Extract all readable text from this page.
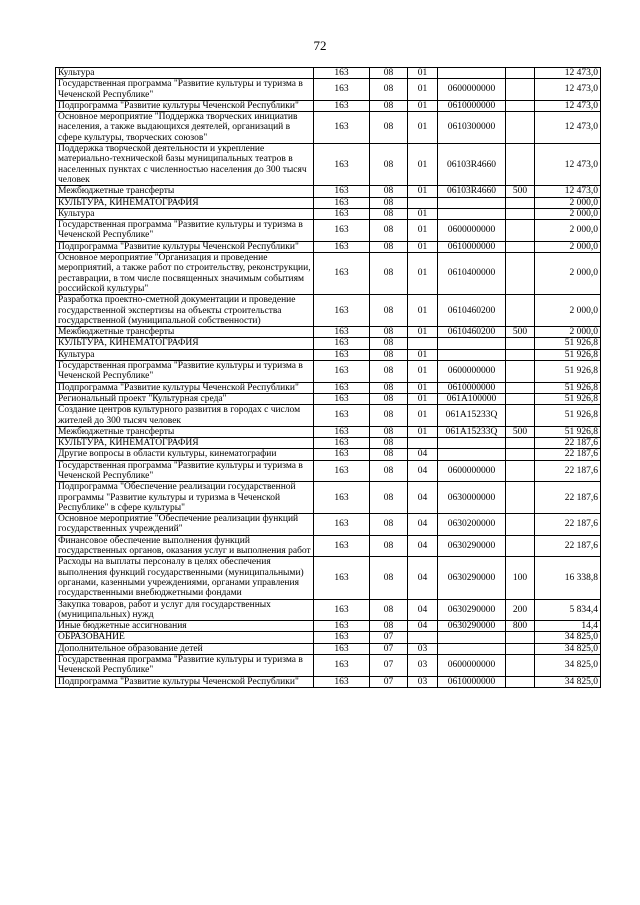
72
Культура	163	08	01			12 473,0
Государственная программа "Развитие культуры и туризма в Чеченской Республике"	163	08	01	0600000000		12 473,0
Подпрограмма "Развитие культуры Чеченской Республики"	163	08	01	0610000000		12 473,0
Основное мероприятие "Поддержка творческих инициатив населения, а также выдающихся деятелей, организаций в сфере культуры, творческих союзов"	163	08	01	0610300000		12 473,0
Поддержка творческой деятельности и укрепление материально-технической базы муниципальных театров в населенных пунктах с численностью населения до 300 тысяч человек	163	08	01	06103R4660		12 473,0
Межбюджетные трансферты	163	08	01	06103R4660	500	12 473,0
КУЛЬТУРА, КИНЕМАТОГРАФИЯ	163	08				2 000,0
Культура	163	08	01			2 000,0
Государственная программа "Развитие культуры и туризма в Чеченской Республике"	163	08	01	0600000000		2 000,0
Подпрограмма "Развитие культуры Чеченской Республики"	163	08	01	0610000000		2 000,0
Основное мероприятие "Организация и проведение мероприятий, а также работ по строительству, реконструкции, реставрации, в том числе посвященных значимым событиям российской культуры"	163	08	01	0610400000		2 000,0
Разработка проектно-сметной документации и проведение государственной экспертизы на объекты строительства государственной (муниципальной собственности)	163	08	01	0610460200		2 000,0
Межбюджетные трансферты	163	08	01	0610460200	500	2 000,0
КУЛЬТУРА, КИНЕМАТОГРАФИЯ	163	08				51 926,8
Культура	163	08	01			51 926,8
Государственная программа "Развитие культуры и туризма в Чеченской Республике"	163	08	01	0600000000		51 926,8
Подпрограмма "Развитие культуры Чеченской Республики"	163	08	01	0610000000		51 926,8
Региональный проект "Культурная среда"	163	08	01	061A100000		51 926,8
Создание центров культурного развития в городах с числом жителей до 300 тысяч человек	163	08	01	061A15233Q		51 926,8
Межбюджетные трансферты	163	08	01	061A15233Q	500	51 926,8
КУЛЬТУРА, КИНЕМАТОГРАФИЯ	163	08				22 187,6
Другие вопросы в области культуры, кинематографии	163	08	04			22 187,6
Государственная программа "Развитие культуры и туризма в Чеченской Республике"	163	08	04	0600000000		22 187,6
Подпрограмма "Обеспечение реализации государственной программы "Развитие культуры и туризма в Чеченской Республике" в сфере культуры"	163	08	04	0630000000		22 187,6
Основное мероприятие "Обеспечение реализации функций государственных учреждений"	163	08	04	0630200000		22 187,6
Финансовое обеспечение выполнения функций государственных органов, оказания услуг и выполнения работ	163	08	04	0630290000		22 187,6
Расходы на выплаты персоналу в целях обеспечения выполнения функций государственными (муниципальными) органами, казенными учреждениями, органами управления государственными внебюджетными фондами	163	08	04	0630290000	100	16 338,8
Закупка товаров, работ и услуг для государственных (муниципальных) нужд	163	08	04	0630290000	200	5 834,4
Иные бюджетные ассигнования	163	08	04	0630290000	800	14,4
ОБРАЗОВАНИЕ	163	07				34 825,0
Дополнительное образование детей	163	07	03			34 825,0
Государственная программа "Развитие культуры и туризма в Чеченской Республике"	163	07	03	0600000000		34 825,0
Подпрограмма "Развитие культуры Чеченской Республики"	163	07	03	0610000000		34 825,0
